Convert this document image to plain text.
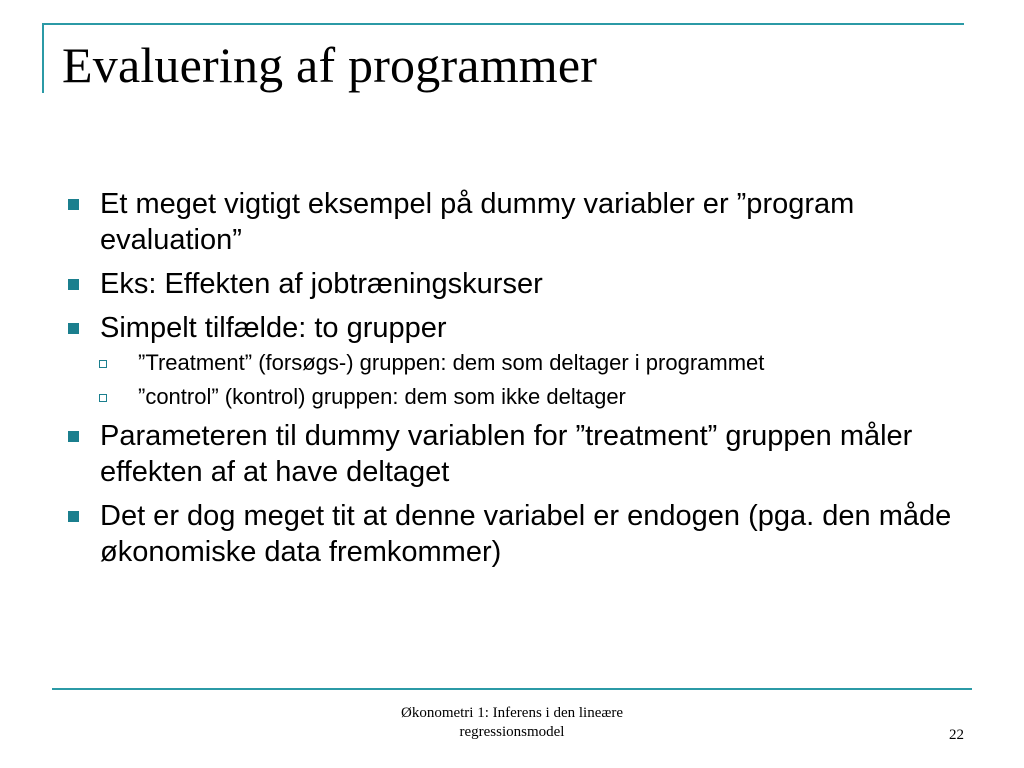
Evaluering af programmer
Et meget vigtigt eksempel på dummy variabler er ”program evaluation”
Eks: Effekten af jobtræningskurser
Simpelt tilfælde: to grupper
”Treatment” (forsøgs-) gruppen: dem som deltager i programmet
”control” (kontrol) gruppen: dem som ikke deltager
Parameteren til dummy variablen for ”treatment” gruppen måler effekten af at have deltaget
Det er dog meget tit at denne variabel er endogen (pga. den måde økonomiske data fremkommer)
Økonometri 1: Inferens i den lineære
regressionsmodel	22
